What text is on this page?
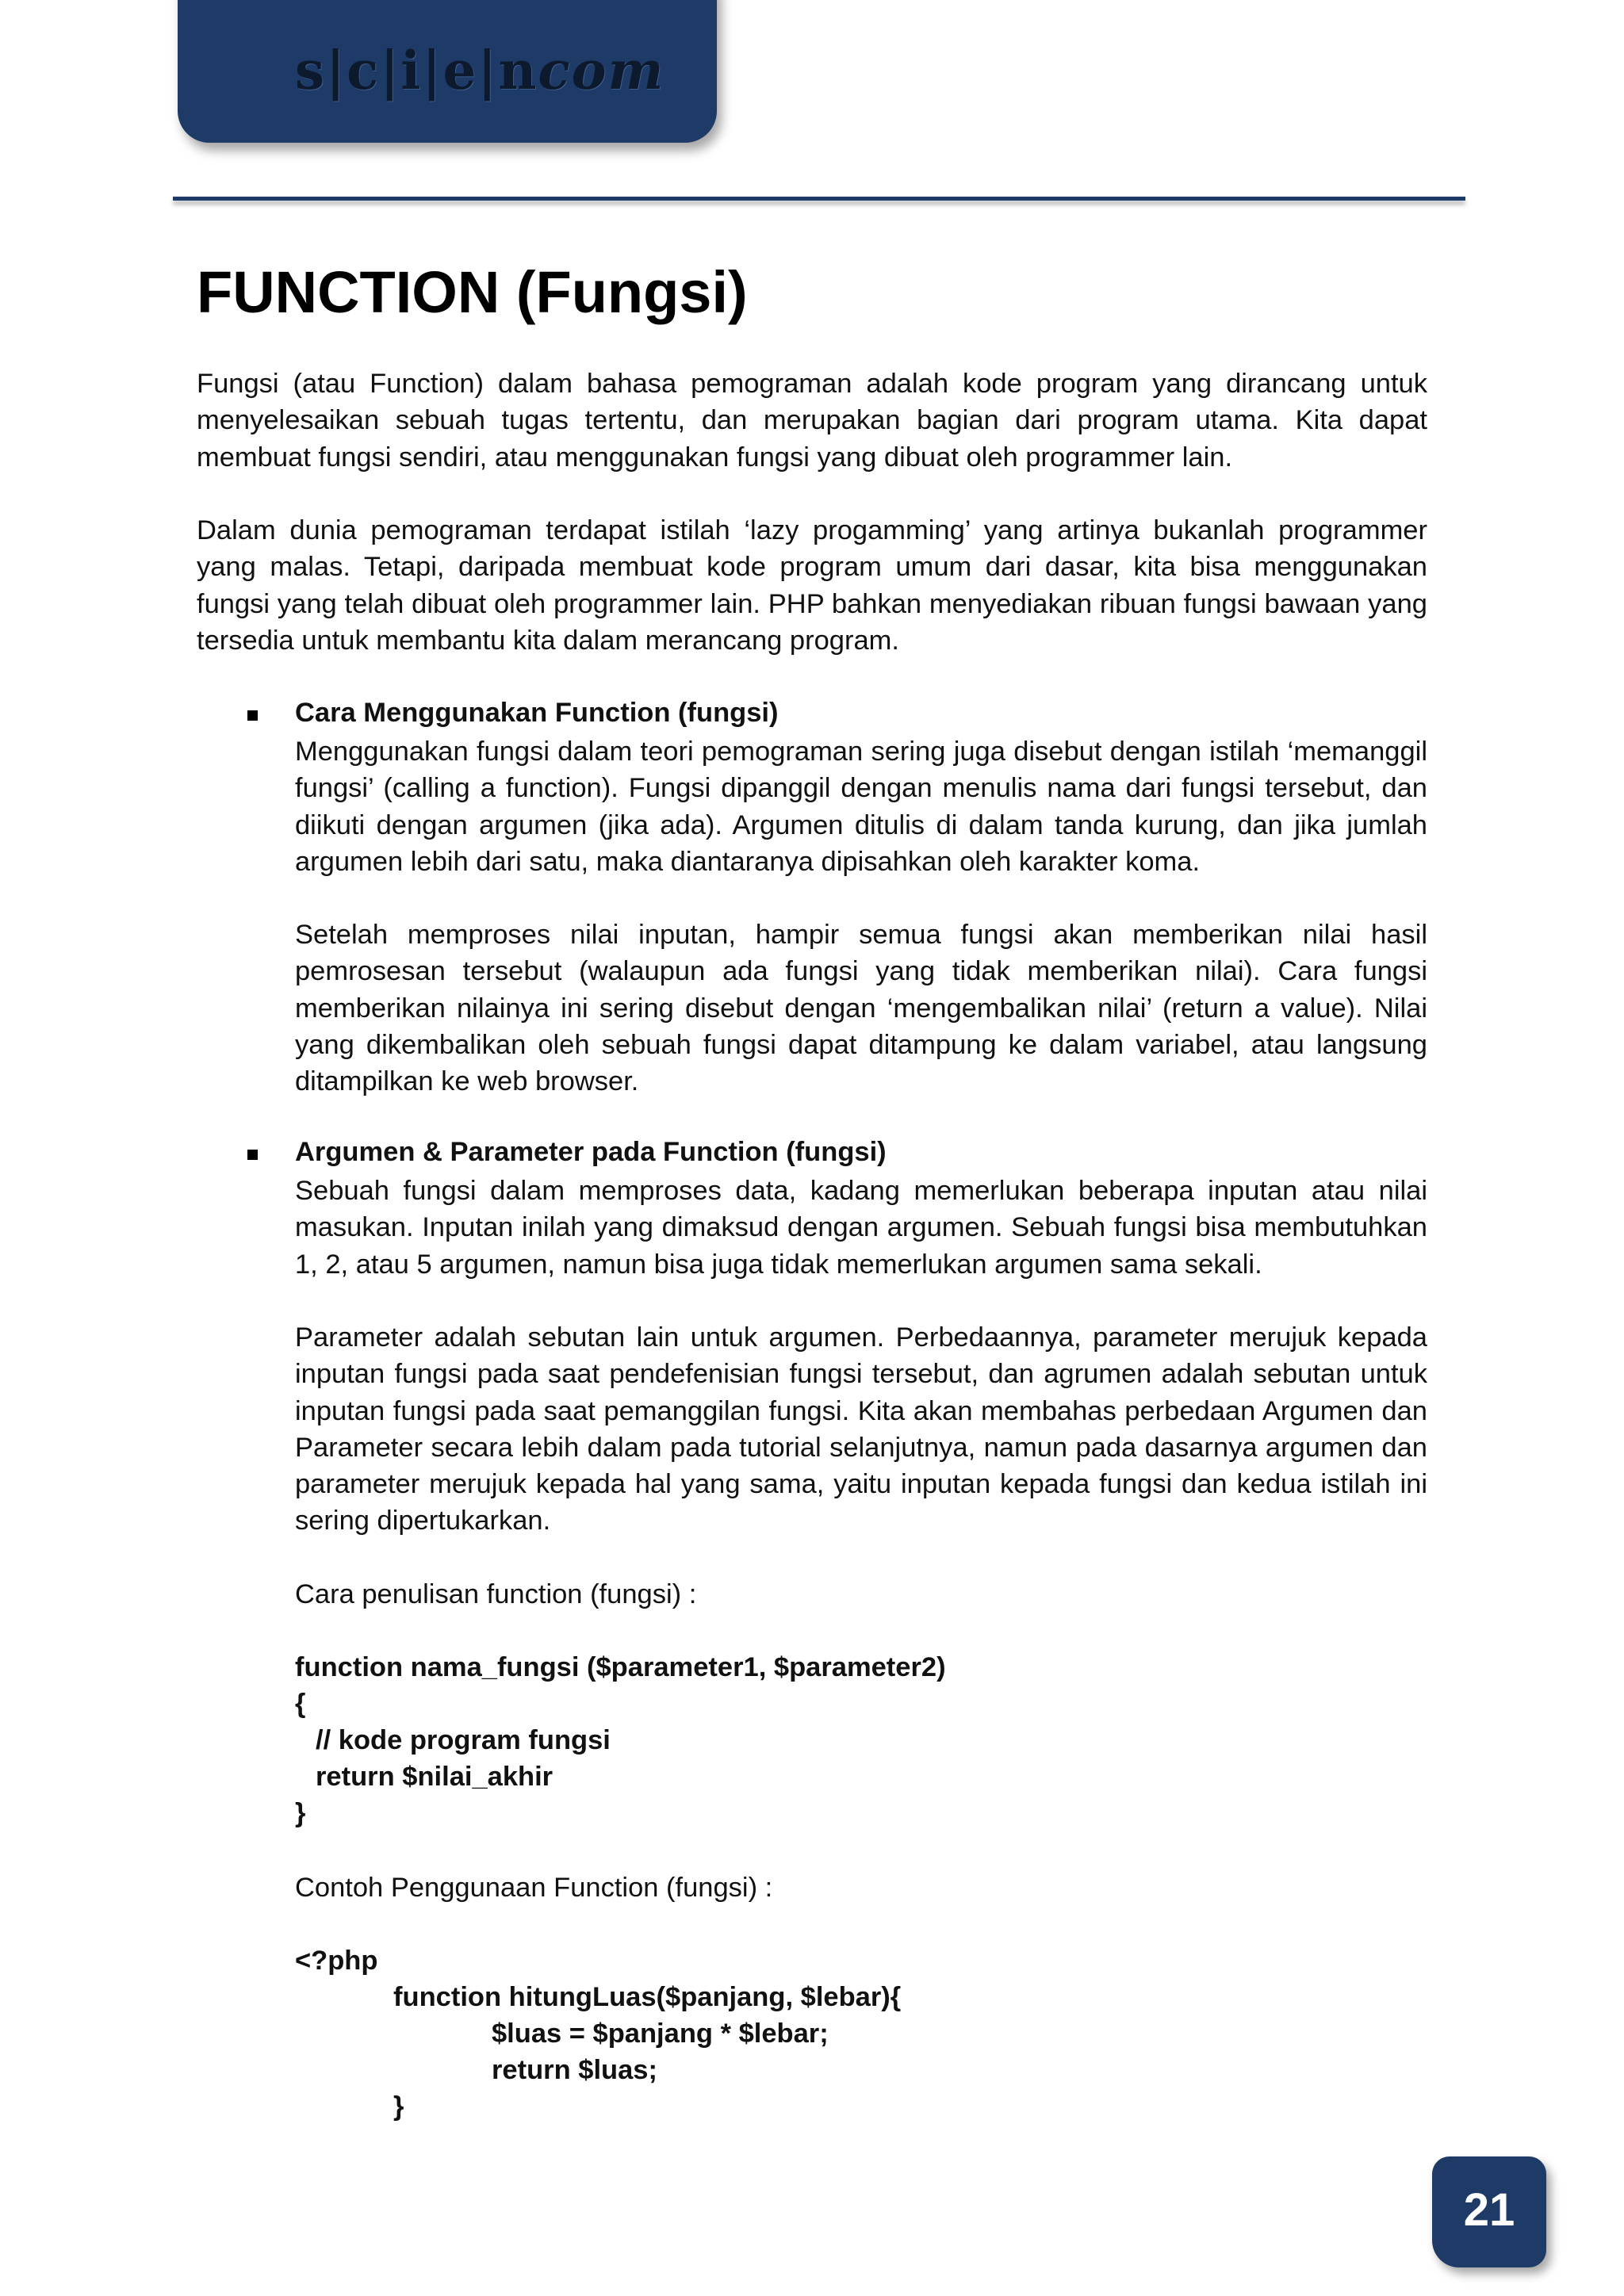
s|c|i|e|ncom
FUNCTION (Fungsi)

Fungsi (atau Function) dalam bahasa pemograman adalah kode program yang dirancang untuk menyelesaikan sebuah tugas tertentu, dan merupakan bagian dari program utama. Kita dapat membuat fungsi sendiri, atau menggunakan fungsi yang dibuat oleh programmer lain.

Dalam dunia pemograman terdapat istilah ‘lazy progamming’ yang artinya bukanlah programmer yang malas. Tetapi, daripada membuat kode program umum dari dasar, kita bisa menggunakan fungsi yang telah dibuat oleh programmer lain. PHP bahkan menyediakan ribuan fungsi bawaan yang tersedia untuk membantu kita dalam merancang program.

Cara Menggunakan Function (fungsi)

Menggunakan fungsi dalam teori pemograman sering juga disebut dengan istilah ‘memanggil fungsi’ (calling a function). Fungsi dipanggil dengan menulis nama dari fungsi tersebut, dan diikuti dengan argumen (jika ada). Argumen ditulis di dalam tanda kurung, dan jika jumlah argumen lebih dari satu, maka diantaranya dipisahkan oleh karakter koma.

Setelah memproses nilai inputan, hampir semua fungsi akan memberikan nilai hasil pemrosesan tersebut (walaupun ada fungsi yang tidak memberikan nilai). Cara fungsi memberikan nilainya ini sering disebut dengan ‘mengembalikan nilai’ (return a value). Nilai yang dikembalikan oleh sebuah fungsi dapat ditampung ke dalam variabel, atau langsung ditampilkan ke web browser.

Argumen & Parameter pada Function (fungsi)

Sebuah fungsi dalam memproses data, kadang memerlukan beberapa inputan atau nilai masukan. Inputan inilah yang dimaksud dengan argumen. Sebuah fungsi bisa membutuhkan 1, 2, atau 5 argumen, namun bisa juga tidak memerlukan argumen sama sekali.

Parameter adalah sebutan lain untuk argumen. Perbedaannya, parameter merujuk kepada inputan fungsi pada saat pendefenisian fungsi tersebut, dan agrumen adalah sebutan untuk inputan fungsi pada saat pemanggilan fungsi. Kita akan membahas perbedaan Argumen dan Parameter secara lebih dalam pada tutorial selanjutnya, namun pada dasarnya argumen dan parameter merujuk kepada hal yang sama, yaitu inputan kepada fungsi dan kedua istilah ini sering dipertukarkan.

Cara penulisan function (fungsi) :

function nama_fungsi ($parameter1, $parameter2)
{
// kode program fungsi
return $nilai_akhir
}

Contoh Penggunaan Function (fungsi) :

<?php
function hitungLuas($panjang, $lebar){
$luas = $panjang * $lebar;
return $luas;
}
21
